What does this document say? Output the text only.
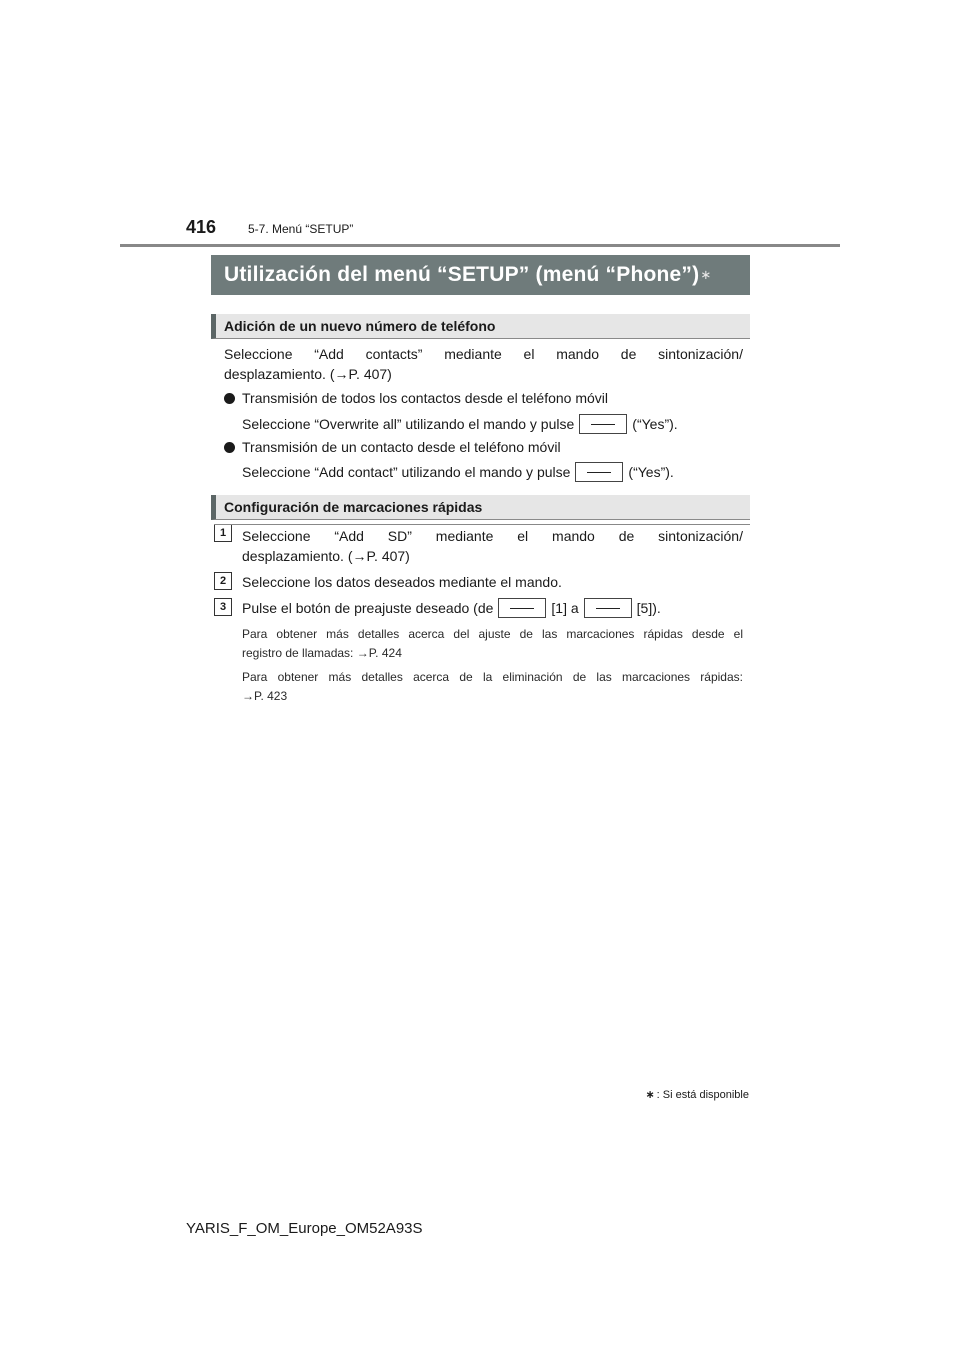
416	5-7. Menú “SETUP”
Utilización del menú “SETUP” (menú “Phone”) ∗
Adición de un nuevo número de teléfono
Seleccione “Add contacts” mediante el mando de sintonización/
desplazamiento. (→P. 407)
Transmisión de todos los contactos desde el teléfono móvil
Seleccione “Overwrite all” utilizando el mando y pulse	(“Yes”).
Transmisión de un contacto desde el teléfono móvil
Seleccione “Add contact” utilizando el mando y pulse	(“Yes”).
Configuración de marcaciones rápidas
1	Seleccione “Add SD” mediante el mando de sintonización/
desplazamiento. (→P. 407)
2	Seleccione los datos deseados mediante el mando.
3	Pulse el botón de preajuste deseado (de	[1] a	[5]).
Para obtener más detalles acerca del ajuste de las marcaciones rápidas desde el
registro de llamadas: →P. 424
Para obtener más detalles acerca de la eliminación de las marcaciones rápidas:
→P. 423
∗ : Si está disponible
YARIS_F_OM_Europe_OM52A93S
